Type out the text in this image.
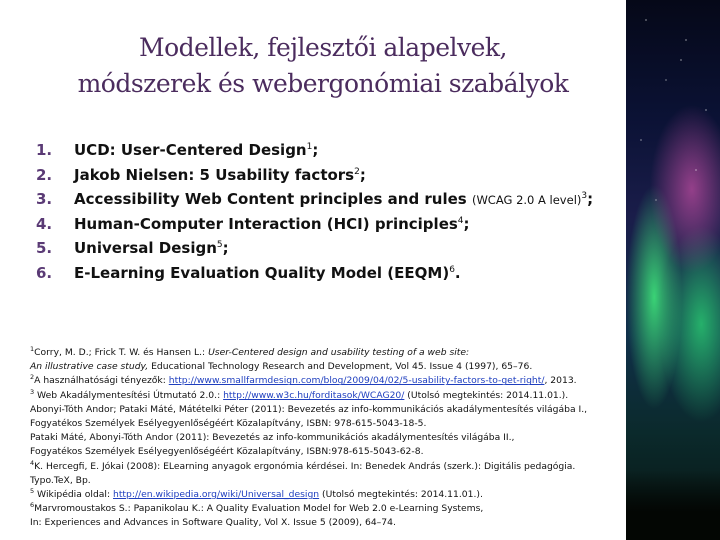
Modellek, fejlesztői alapelvek,
módszerek és webergonómiai szabályok
1. UCD: User-Centered Design$^1$;
2. Jakob Nielsen: 5 Usability factors$^2$;
3. Accessibility Web Content principles and rules (WCAG 2.0 A level)$^3$;
4. Human-Computer Interaction (HCI) principles$^4$;
5. Universal Design$^5$;
6. E-Learning Evaluation Quality Model (EEQM)$^6$.
$^1$Corry, M. D.; Frick T. W. és Hansen L.: User-Centered design and usability testing of a web site:
An illustrative case study, Educational Technology Research and Development, Vol 45. Issue 4 (1997), 65–76.
$^2$A használhatósági tényezők: http://www.smallfarmdesign.com/blog/2009/04/02/5-usability-factors-to-get-right/, 2013.
$^3$ Web Akadálymentesítési Útmutató 2.0.: http://www.w3c.hu/forditasok/WCAG20/ (Utolsó megtekintés: 2014.11.01.).
Abonyi-Tóth Andor; Pataki Máté, Mátételki Péter (2011): Bevezetés az info-kommunikációs akadálymentesítés világába I.,
Fogyatékos Személyek Esélyegyenlőségéért Közalapítvány, ISBN: 978-615-5043-18-5.
Pataki Máté, Abonyi-Tóth Andor (2011): Bevezetés az info-kommunikációs akadálymentesítés világába II.,
Fogyatékos Személyek Esélyegyenlőségéért Közalapítvány, ISBN:978-615-5043-62-8.
$^4$K. Hercegfi, E. Jókai (2008): ELearning anyagok ergonómia kérdései. In: Benedek András (szerk.): Digitális pedagógia.
Typo.TeX, Bp.
$^5$ Wikipédia oldal: http://en.wikipedia.org/wiki/Universal_design (Utolsó megtekintés: 2014.11.01.).
$^6$Marvromoustakos S.: Papanikolau K.: A Quality Evaluation Model for Web 2.0 e-Learning Systems,
In: Experiences and Advances in Software Quality, Vol X. Issue 5 (2009), 64–74.
